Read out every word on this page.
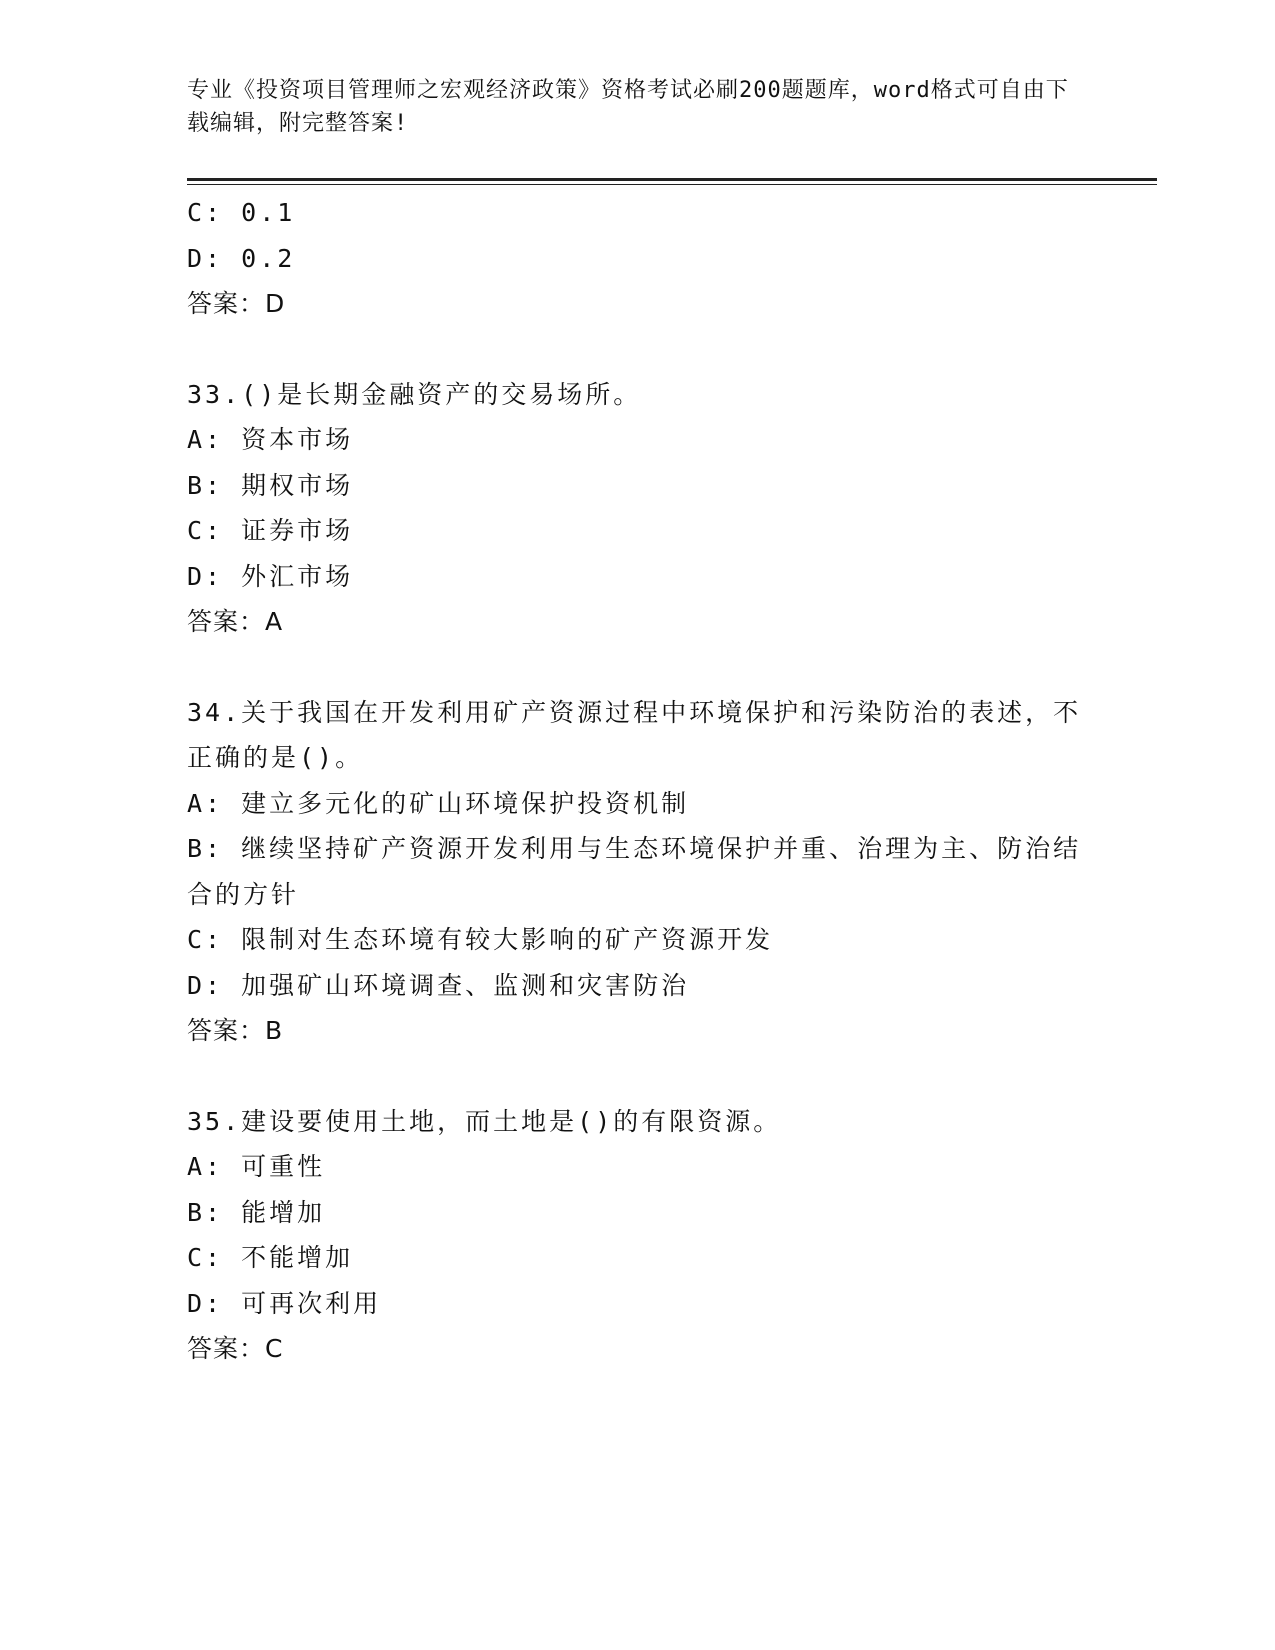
专业《投资项目管理师之宏观经济政策》资格考试必刷200题题库，word格式可自由下载编辑，附完整答案!
C: 0.1
D: 0.2
答案：D
33.()是长期金融资产的交易场所。
A: 资本市场
B: 期权市场
C: 证券市场
D: 外汇市场
答案：A
34.关于我国在开发利用矿产资源过程中环境保护和污染防治的表述，不正确的是()。
A: 建立多元化的矿山环境保护投资机制
B: 继续坚持矿产资源开发利用与生态环境保护并重、治理为主、防治结合的方针
C: 限制对生态环境有较大影响的矿产资源开发
D: 加强矿山环境调查、监测和灾害防治
答案：B
35.建设要使用土地，而土地是()的有限资源。
A: 可重性
B: 能增加
C: 不能增加
D: 可再次利用
答案：C
